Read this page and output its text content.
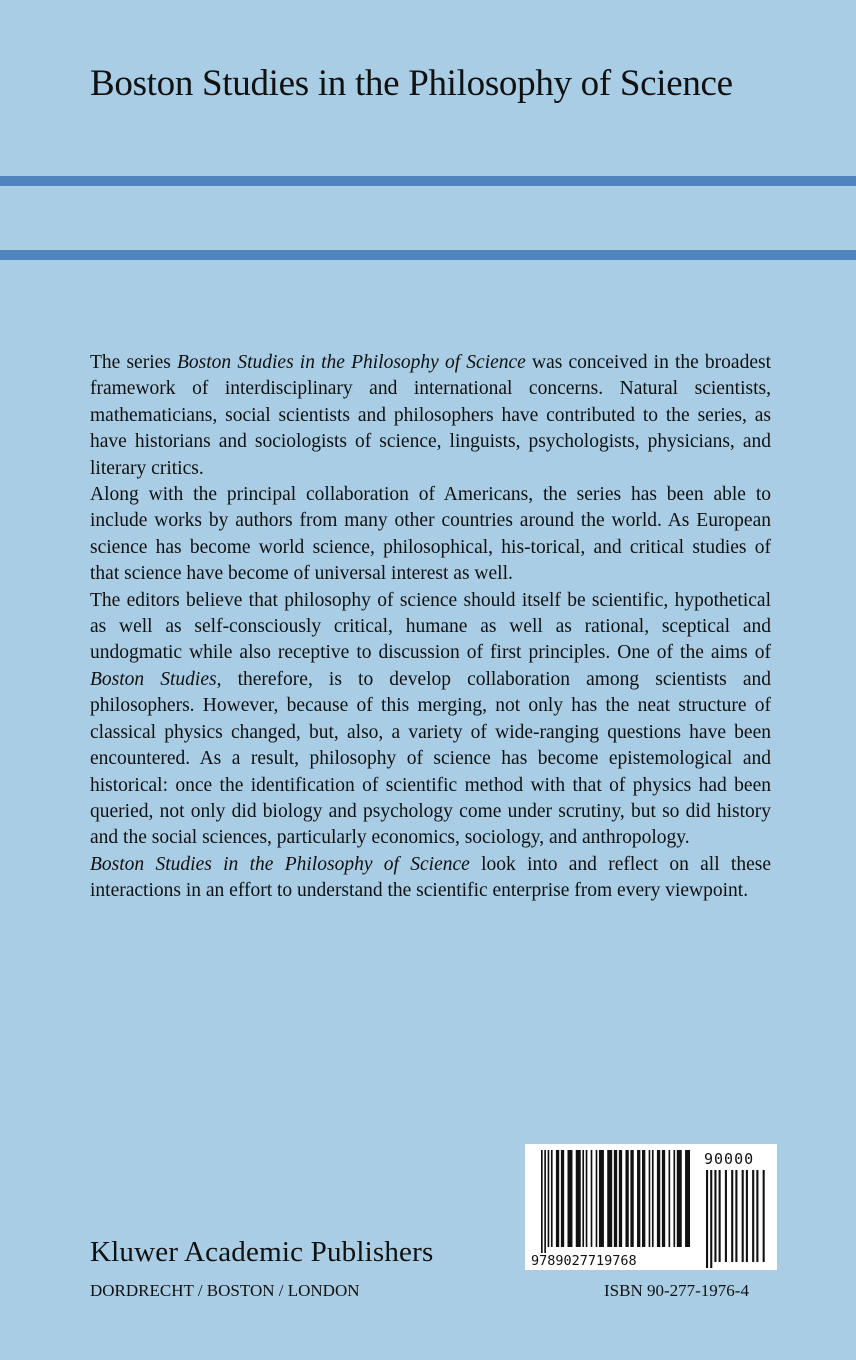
Boston Studies in the Philosophy of Science

The series Boston Studies in the Philosophy of Science was conceived in the broadest framework of interdisciplinary and international concerns. Natural scientists, mathematicians, social scientists and philosophers have contributed to the series, as have historians and sociologists of science, linguists, psychologists, physicians, and literary critics.

Along with the principal collaboration of Americans, the series has been able to include works by authors from many other countries around the world. As European science has become world science, philosophical, his-torical, and critical studies of that science have become of universal interest as well.

The editors believe that philosophy of science should itself be scientific, hypothetical as well as self-consciously critical, humane as well as rational, sceptical and undogmatic while also receptive to discussion of first principles. One of the aims of Boston Studies, therefore, is to develop collaboration among scientists and philosophers. However, because of this merging, not only has the neat structure of classical physics changed, but, also, a variety of wide-ranging questions have been encountered. As a result, philosophy of science has become epistemological and historical: once the identification of scientific method with that of physics had been queried, not only did biology and psychology come under scrutiny, but so did history and the social sciences, particularly economics, sociology, and anthropology.

Boston Studies in the Philosophy of Science look into and reflect on all these interactions in an effort to understand the scientific enterprise from every viewpoint.

9789027719768
90000
Kluwer Academic Publishers
DORDRECHT / BOSTON / LONDON	ISBN 90-277-1976-4
